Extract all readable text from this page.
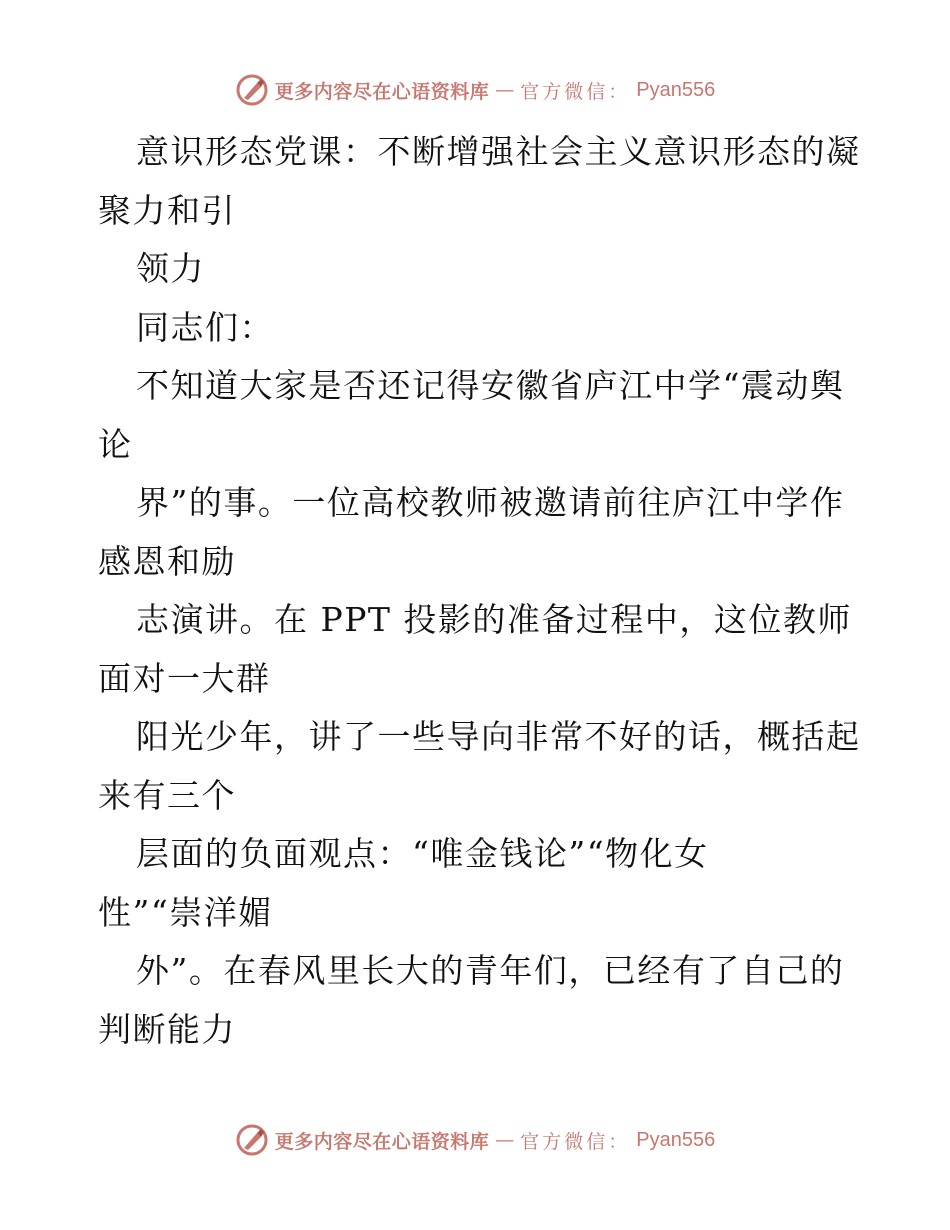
更多内容尽在心语资料库 — 官方微信： Pyan556
意识形态党课：不断增强社会主义意识形态的凝
聚力和引
领力
同志们：
不知道大家是否还记得安徽省庐江中学“震动舆
论
界”的事。一位高校教师被邀请前往庐江中学作
感恩和励
志演讲。在 PPT 投影的准备过程中，这位教师
面对一大群
阳光少年，讲了一些导向非常不好的话，概括起
来有三个
层面的负面观点：“唯金钱论”“物化女
性”“崇洋媚
外”。在春风里长大的青年们，已经有了自己的
判断能力
更多内容尽在心语资料库 — 官方微信： Pyan556
